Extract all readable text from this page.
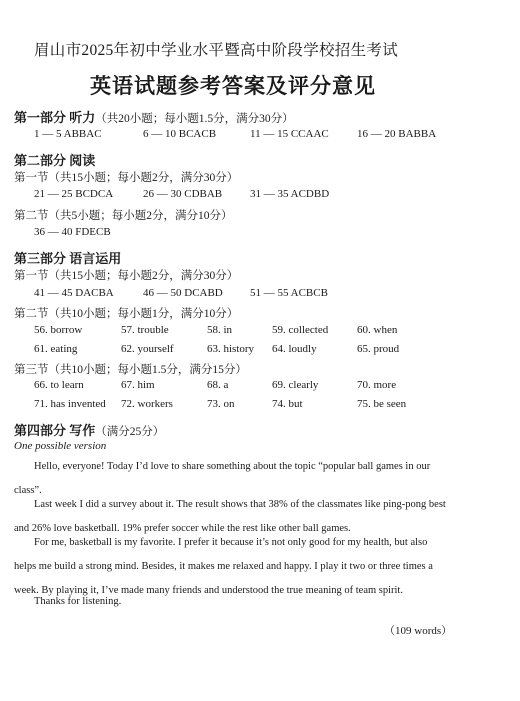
眉山市2025年初中学业水平暨高中阶段学校招生考试
英语试题参考答案及评分意见
第一部分 听力（共20小题；每小题1.5分，满分30分）
1 — 5 ABBAC	6 — 10 BCACB	11 — 15 CCAAC	16 — 20 BABBA
第二部分 阅读
第一节（共15小题；每小题2分，满分30分）
21 — 25 BCDCA	26 — 30 CDBAB	31 — 35 ACDBD
第二节（共5小题；每小题2分，满分10分）
36 — 40 FDECB
第三部分 语言运用
第一节（共15小题；每小题2分，满分30分）
41 — 45 DACBA	46 — 50 DCABD 51 — 55 ACBCB
第二节（共10小题；每小题1分，满分10分）
56. borrow	57. trouble	58. in	59. collected	60. when
61. eating	62. yourself	63. history 64. loudly	65. proud
第三节（共10小题；每小题1.5分，满分15分）
66. to learn	67. him	68. a	69. clearly	70. more
71. has invented 72. workers	73. on	74. but	75. be seen
第四部分 写作（满分25分）
One possible version
Hello, everyone! Today I’d love to share something about the topic “popular ball games in our class”.
Last week I did a survey about it. The result shows that 38% of the classmates like ping-pong best and 26% love basketball. 19% prefer soccer while the rest like other ball games.
For me, basketball is my favorite. I prefer it because it’s not only good for my health, but also helps me build a strong mind. Besides, it makes me relaxed and happy. I play it two or three times a week. By playing it, I’ve made many friends and understood the true meaning of team spirit.
Thanks for listening.
（109 words）
